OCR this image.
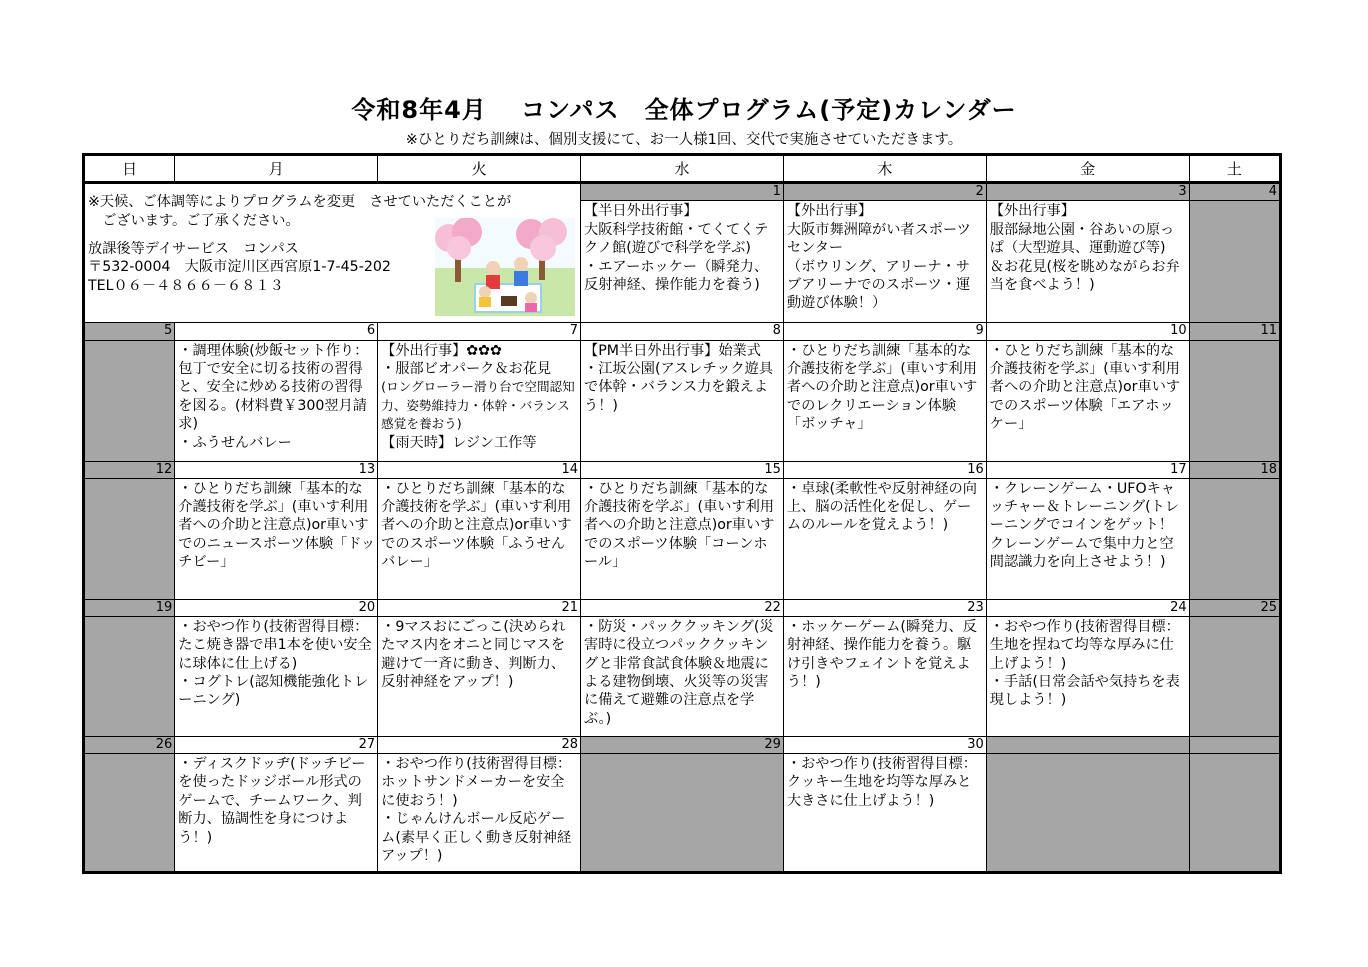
令和8年4月　 コンパス　全体プログラム(予定)カレンダー
※ひとりだち訓練は、個別支援にて、お一人様1回、交代で実施させていただきます。
日	月	火	水	木	金	土

※天候、ご体調等によりプログラムを変更　させていただくことが
　ございます。ご了承ください。
放課後等デイサービス　コンパス
〒532-0004　大阪市淀川区西宮原1-7-45-202
TEL０６－４８６６－６８１３			1	2	3	4

			【半日外出行事】
大阪科学技術館・てくてくテクノ館(遊びで科学を学ぶ)
・エアーホッケー（瞬発力、反射神経、操作能力を養う)	【外出行事】
大阪市舞洲障がい者スポーツセンター
（ボウリング、アリーナ・サブアリーナでのスポーツ・運動遊び体験！）	【外出行事】
服部緑地公園・谷あいの原っぱ（大型遊具、運動遊び等)
＆お花見(桜を眺めながらお弁当を食べよう！)	

5	6	7	8	9	10	11

	・調理体験(炒飯セット作り：包丁で安全に切る技術の習得と、安全に炒める技術の習得を図る。(材料費￥300翌月請求)
・ふうせんバレー	【外出行事】✿✿✿
・服部ビオパーク＆お花見
(ロングローラー滑り台で空間認知力、姿勢維持力・体幹・バランス感覚を養おう)
【雨天時】レジン工作等	【PM半日外出行事】始業式
・江坂公園(アスレチック遊具で体幹・バランス力を鍛えよう！)	・ひとりだち訓練「基本的な介護技術を学ぶ」(車いす利用者への介助と注意点)or車いすでのレクリエーション体験「ボッチャ」	・ひとりだち訓練「基本的な介護技術を学ぶ」(車いす利用者への介助と注意点)or車いすでのスポーツ体験「エアホッケー」	

12	13	14	15	16	17	18

	・ひとりだち訓練「基本的な介護技術を学ぶ」(車いす利用者への介助と注意点)or車いすでのニュースポーツ体験「ドッチビー」	・ひとりだち訓練「基本的な介護技術を学ぶ」(車いす利用者への介助と注意点)or車いすでのスポーツ体験「ふうせんバレー」	・ひとりだち訓練「基本的な介護技術を学ぶ」(車いす利用者への介助と注意点)or車いすでのスポーツ体験「コーンホール」	・卓球(柔軟性や反射神経の向上、脳の活性化を促し、ゲームのルールを覚えよう！)	・クレーンゲーム・UFOキャッチャー＆トレーニング(トレーニングでコインをゲット！クレーンゲームで集中力と空間認識力を向上させよう！)	

19	20	21	22	23	24	25

	・おやつ作り(技術習得目標：たこ焼き器で串1本を使い安全に球体に仕上げる)
・コグトレ(認知機能強化トレーニング)	・9マスおにごっこ(決められたマス内をオニと同じマスを避けて一斉に動き、判断力、反射神経をアップ！)	・防災・パッククッキング(災害時に役立つパッククッキングと非常食試食体験＆地震による建物倒壊、火災等の災害に備えて避難の注意点を学ぶ。)	・ホッケーゲーム(瞬発力、反射神経、操作能力を養う。駆け引きやフェイントを覚えよう！)	・おやつ作り(技術習得目標：生地を捏ねて均等な厚みに仕上げよう！)
・手話(日常会話や気持ちを表現しよう！)	

26	27	28	29	30		

	・ディスクドッヂ(ドッチビーを使ったドッジボール形式のゲームで、チームワーク、判断力、協調性を身につけよう！)	・おやつ作り(技術習得目標：ホットサンドメーカーを安全に使おう！)
・じゃんけんボール反応ゲーム(素早く正しく動き反射神経アップ！)		・おやつ作り(技術習得目標：クッキー生地を均等な厚みと大きさに仕上げよう！)		
